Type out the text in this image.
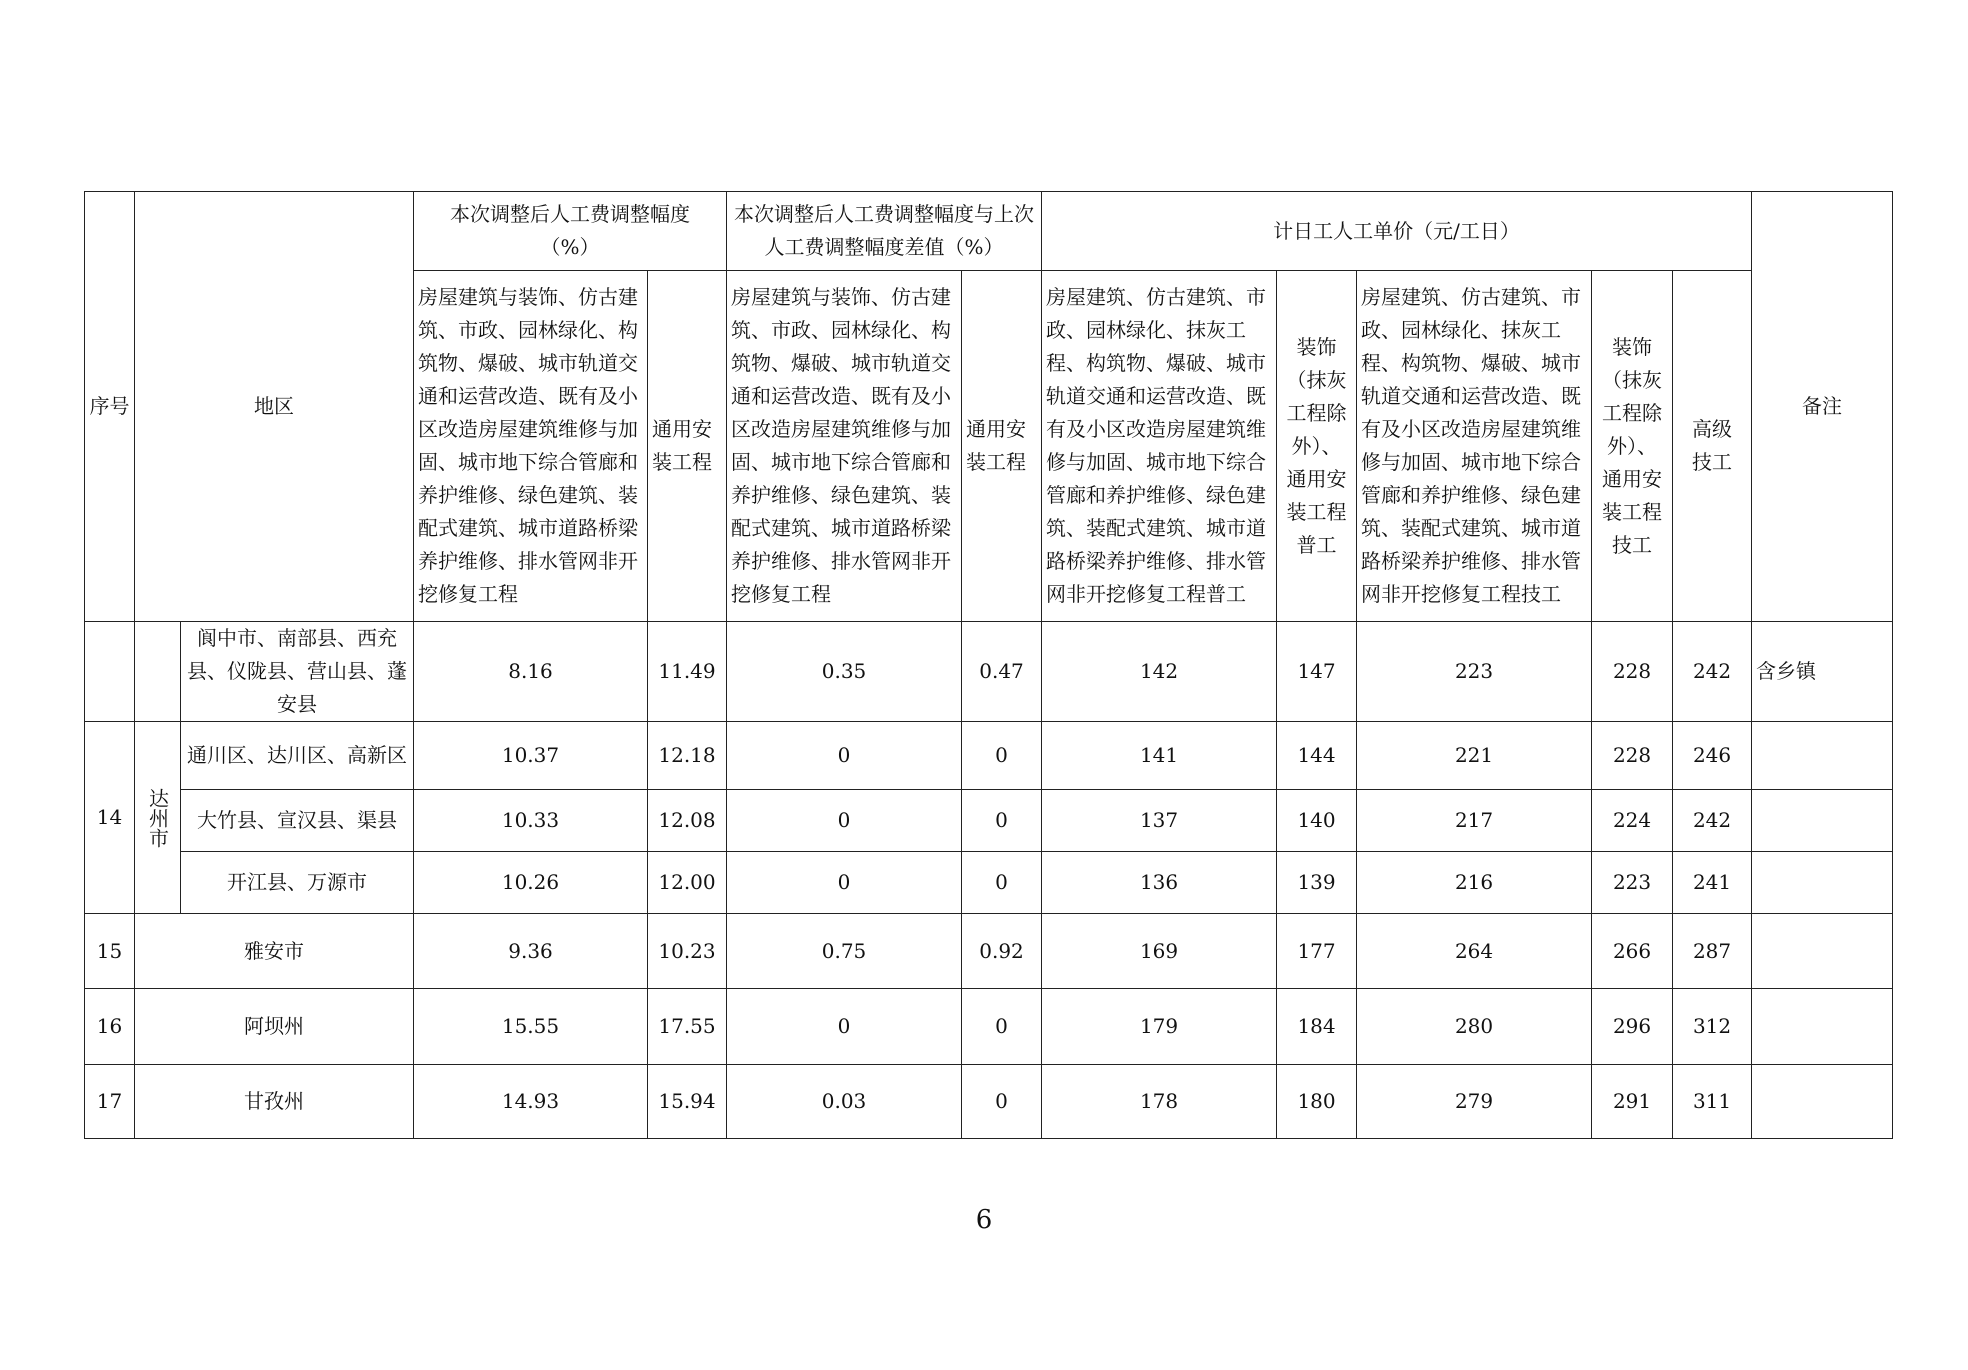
序号	地区		本次调整后人工费调整幅度（%）		本次调整后人工费调整幅度与上次人工费调整幅度差值（%）		计日工人工单价（元/工日）					备注
			房屋建筑与装饰、仿古建筑、市政、园林绿化、构筑物、爆破、城市轨道交通和运营改造、既有及小区改造房屋建筑维修与加固、城市地下综合管廊和养护维修、绿色建筑、装配式建筑、城市道路桥梁养护维修、排水管网非开挖修复工程	通用安装工程	房屋建筑与装饰、仿古建筑、市政、园林绿化、构筑物、爆破、城市轨道交通和运营改造、既有及小区改造房屋建筑维修与加固、城市地下综合管廊和养护维修、绿色建筑、装配式建筑、城市道路桥梁养护维修、排水管网非开挖修复工程	通用安装工程	房屋建筑、仿古建筑、市政、园林绿化、抹灰工程、构筑物、爆破、城市轨道交通和运营改造、既有及小区改造房屋建筑维修与加固、城市地下综合管廊和养护维修、绿色建筑、装配式建筑、城市道路桥梁养护维修、排水管网非开挖修复工程普工	装饰（抹灰工程除外）、通用安装工程普工	房屋建筑、仿古建筑、市政、园林绿化、抹灰工程、构筑物、爆破、城市轨道交通和运营改造、既有及小区改造房屋建筑维修与加固、城市地下综合管廊和养护维修、绿色建筑、装配式建筑、城市道路桥梁养护维修、排水管网非开挖修复工程技工	装饰（抹灰工程除外）、通用安装工程技工	高级技工	
		阆中市、南部县、西充县、仪陇县、营山县、蓬安县	8.16	11.49	0.35	0.47	142	147	223	228	242	含乡镇
14	达州市	通川区、达川区、高新区	10.37	12.18	0	0	141	144	221	228	246	
		大竹县、宣汉县、渠县	10.33	12.08	0	0	137	140	217	224	242	
		开江县、万源市	10.26	12.00	0	0	136	139	216	223	241	
15	雅安市		9.36	10.23	0.75	0.92	169	177	264	266	287	
16	阿坝州		15.55	17.55	0	0	179	184	280	296	312	
17	甘孜州		14.93	15.94	0.03	0	178	180	279	291	311	
6
